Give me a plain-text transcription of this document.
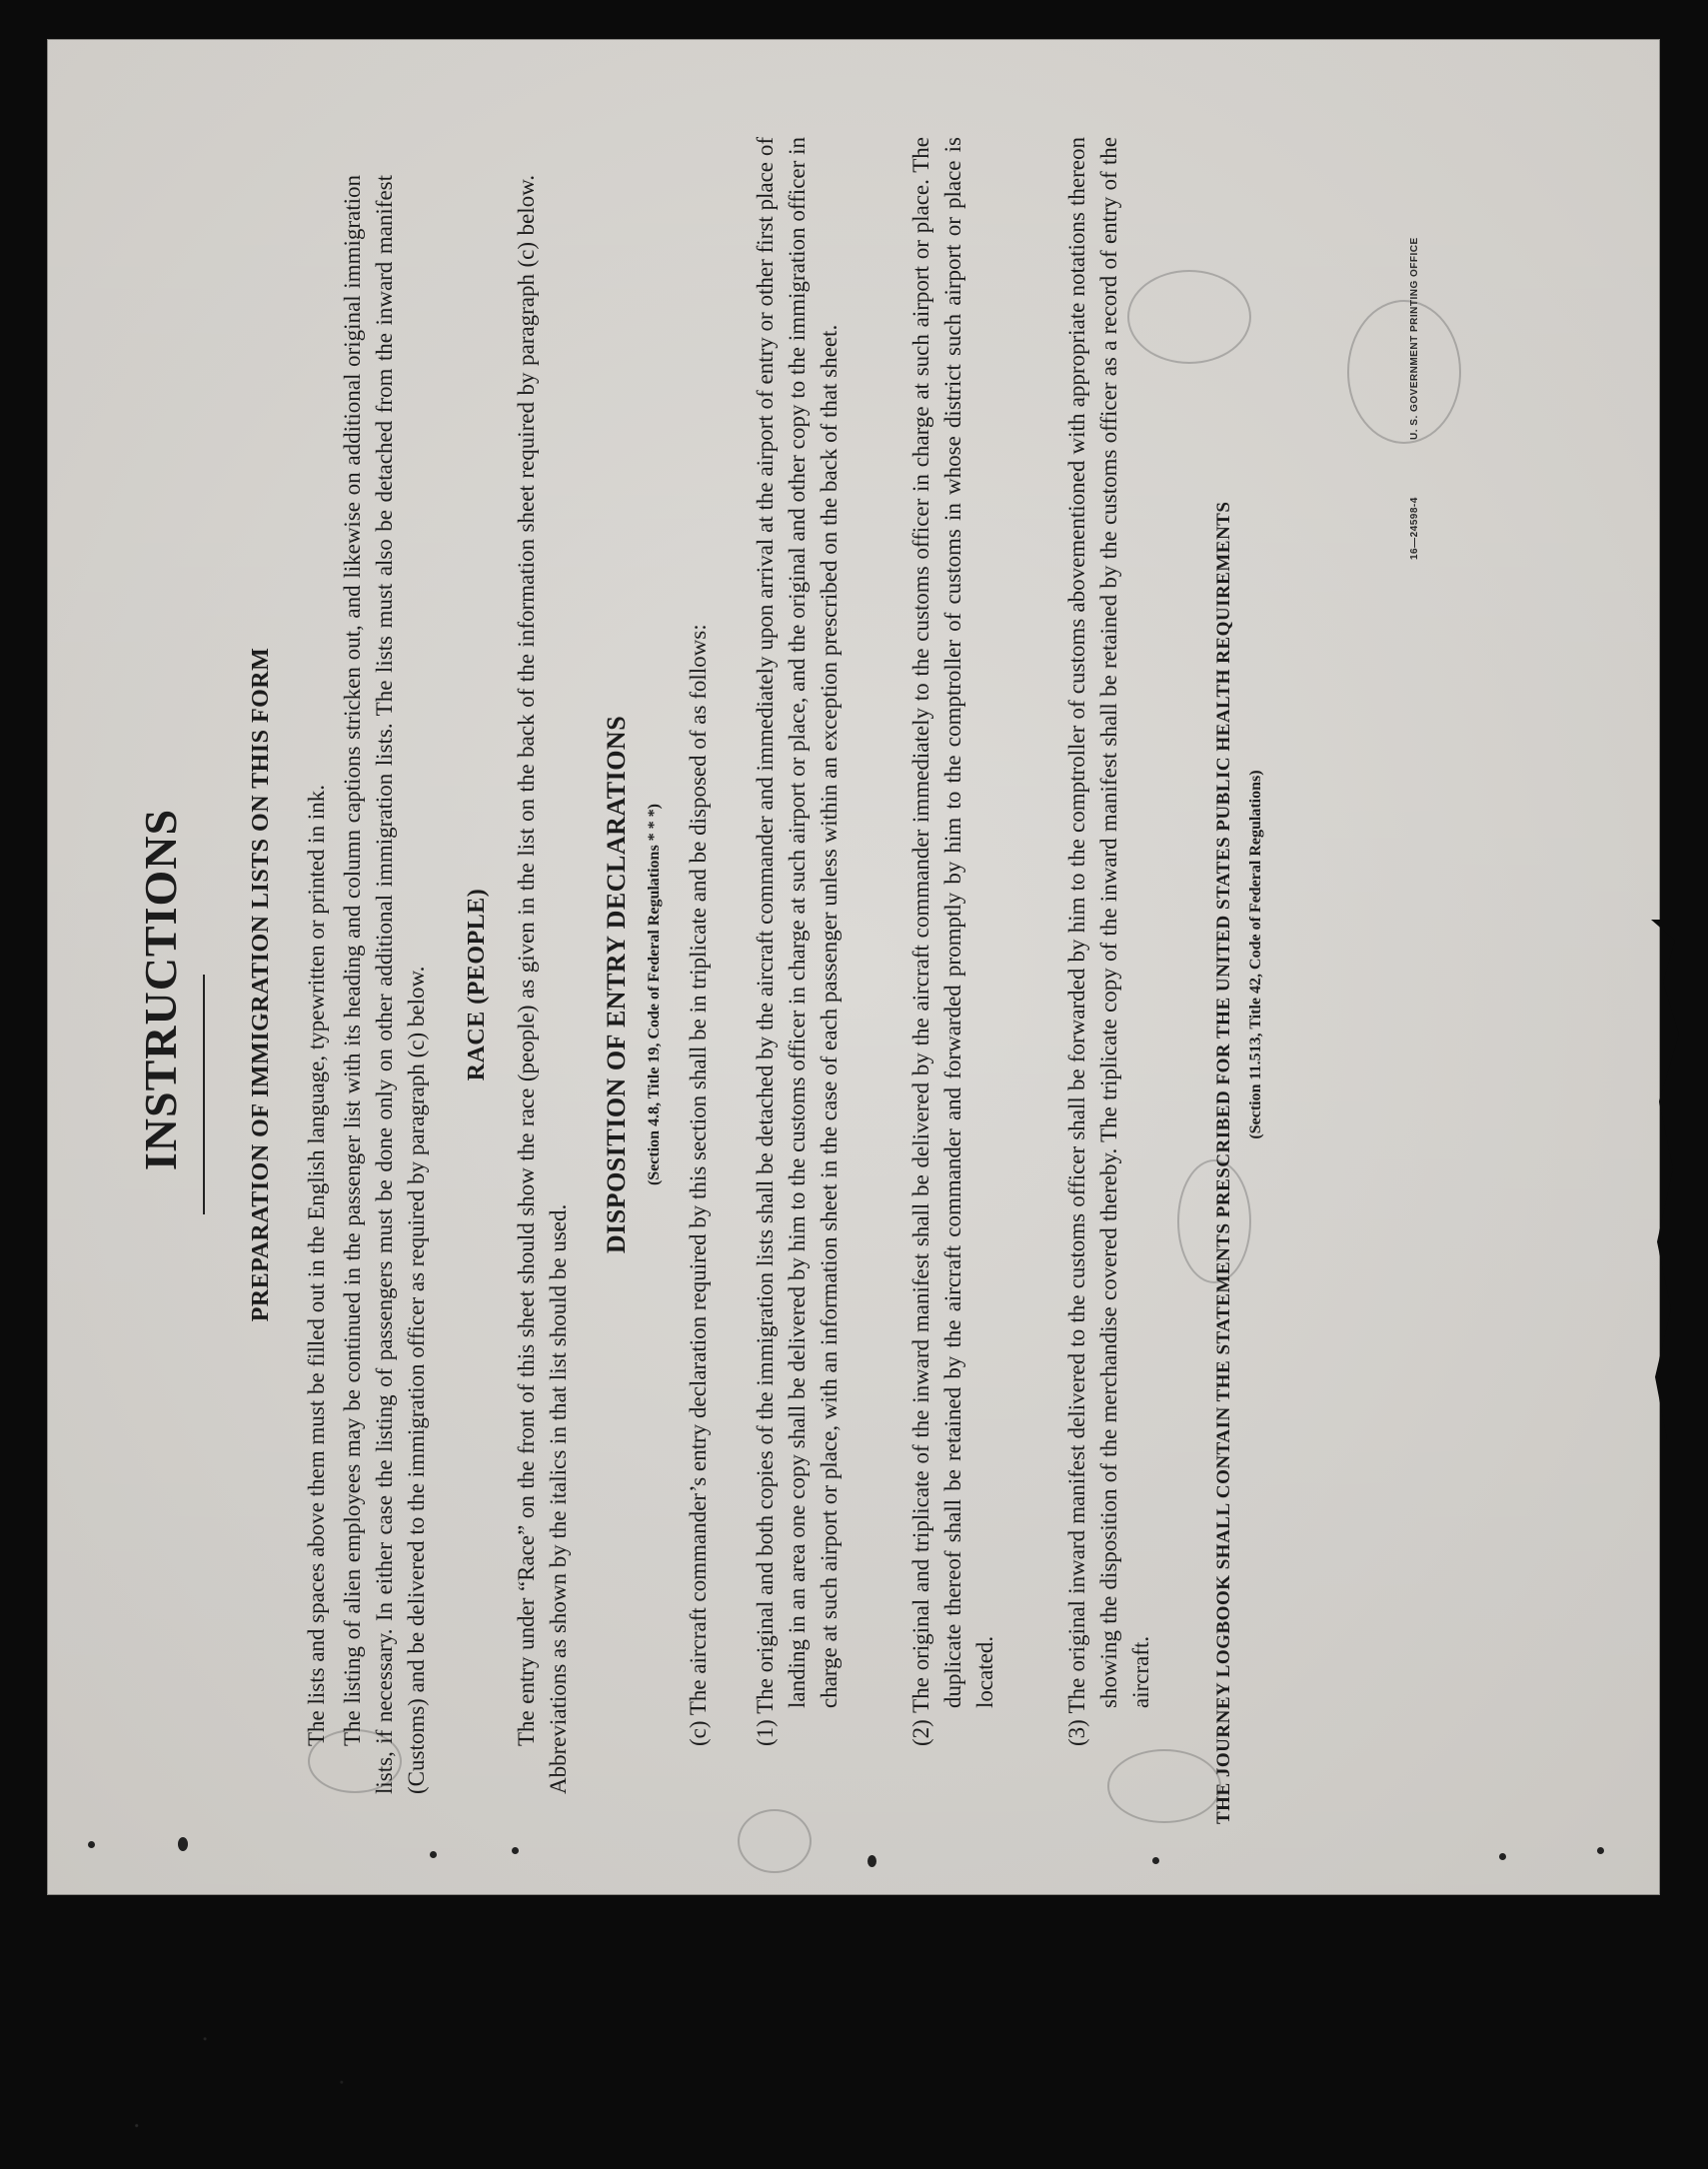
INSTRUCTIONS	PREPARATION OF IMMIGRATION LISTS ON THIS FORM The lists and spaces above them must be filled out in the English language, typewritten or printed in ink. The listing of alien employees may be continued in the passenger list with its heading and column captions stricken out, and likewise on additional original immigration lists, if necessary. In either case the listing of passengers must be done only on other additional immigration lists. The lists must also be detached from the inward manifest (Customs) and be delivered to the immigration officer as required by paragraph (c) below. RACE (PEOPLE) The entry under “Race” on the front of this sheet should show the race (people) as given in the list on the back of the information sheet required by paragraph (c) below. Abbreviations as shown by the italics in that list should be used.

DISPOSITION OF ENTRY DECLARATIONS (Section 4.8, Title 19, Code of Federal Regulations * * *)	(c) The aircraft commander’s entry declaration required by this section shall be in triplicate and be disposed of as follows: (1) The original and both copies of the immigration lists shall be detached by the aircraft commander and immediately upon arrival at the airport of entry or other first place of landing in an area one copy shall be delivered by him to the customs officer in charge at such airport or place, and the original and other copy to the immigration officer in charge at such airport or place, with an information sheet in the case of each passenger unless within an exception prescribed on the back of that sheet.	(2) The original and triplicate of the inward manifest shall be delivered by the aircraft commander immediately to the customs officer in charge at such airport or place. The duplicate thereof shall be retained by the aircraft commander and forwarded promptly by him to the comptroller of customs in whose district such airport or place is located.	(3) The original inward manifest delivered to the customs officer shall be forwarded by him to the comptroller of customs abovementioned with appropriate notations thereon showing the disposition of the merchandise covered thereby. The triplicate copy of the inward manifest shall be retained by the customs officer as a record of entry of the aircraft.	THE JOURNEY LOGBOOK SHALL CONTAIN THE STATEMENTS PRESCRIBED FOR THE UNITED STATES PUBLIC HEALTH REQUIREMENTS (Section 11.513, Title 42, Code of Federal Regulations)
16—24598-4
U. S. GOVERNMENT PRINTING OFFICE
